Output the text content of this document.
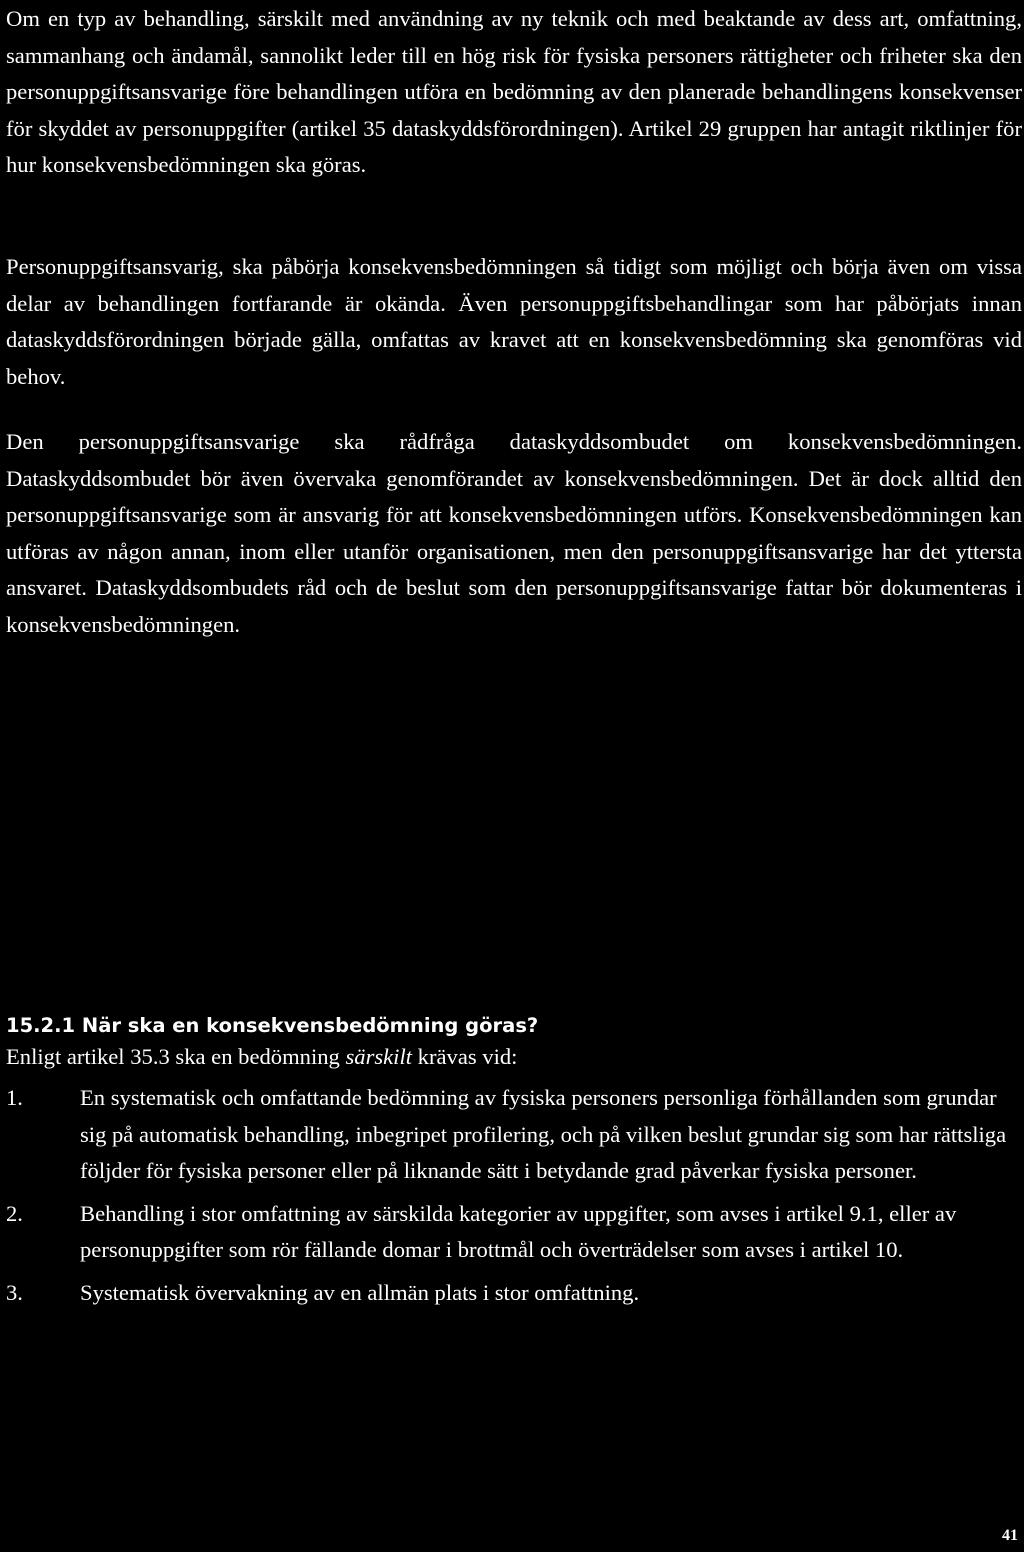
Om en typ av behandling, särskilt med användning av ny teknik och med beaktande av dess art, omfattning, sammanhang och ändamål, sannolikt leder till en hög risk för fysiska personers rättigheter och friheter ska den personuppgiftsansvarige före behandlingen utföra en bedömning av den planerade behandlingens konsekvenser för skyddet av personuppgifter (artikel 35 dataskyddsförordningen). Artikel 29 gruppen har antagit riktlinjer för hur konsekvensbedömningen ska göras.

Personuppgiftsansvarig, ska påbörja konsekvensbedömningen så tidigt som möjligt och börja även om vissa delar av behandlingen fortfarande är okända. Även personuppgiftsbehandlingar som har påbörjats innan dataskyddsförordningen började gälla, omfattas av kravet att en konsekvensbedömning ska genomföras vid behov.

Den personuppgiftsansvarige ska rådfråga dataskyddsombudet om konsekvensbedömningen. Dataskyddsombudet bör även övervaka genomförandet av konsekvensbedömningen. Det är dock alltid den personuppgiftsansvarige som är ansvarig för att konsekvensbedömningen utförs. Konsekvensbedömningen kan utföras av någon annan, inom eller utanför organisationen, men den personuppgiftsansvarige har det yttersta ansvaret. Dataskyddsombudets råd och de beslut som den personuppgiftsansvarige fattar bör dokumenteras i konsekvensbedömningen.

15.2.1 När ska en konsekvensbedömning göras?

Enligt artikel 35.3 ska en bedömning särskilt krävas vid:

1.	En systematisk och omfattande bedömning av fysiska personers personliga förhållanden som grundar sig på automatisk behandling, inbegripet profilering, och på vilken beslut grundar sig som har rättsliga följder för fysiska personer eller på liknande sätt i betydande grad påverkar fysiska personer.
2.	Behandling i stor omfattning av särskilda kategorier av uppgifter, som avses i artikel 9.1, eller av personuppgifter som rör fällande domar i brottmål och överträdelser som avses i artikel 10.
3.	Systematisk övervakning av en allmän plats i stor omfattning.

41
